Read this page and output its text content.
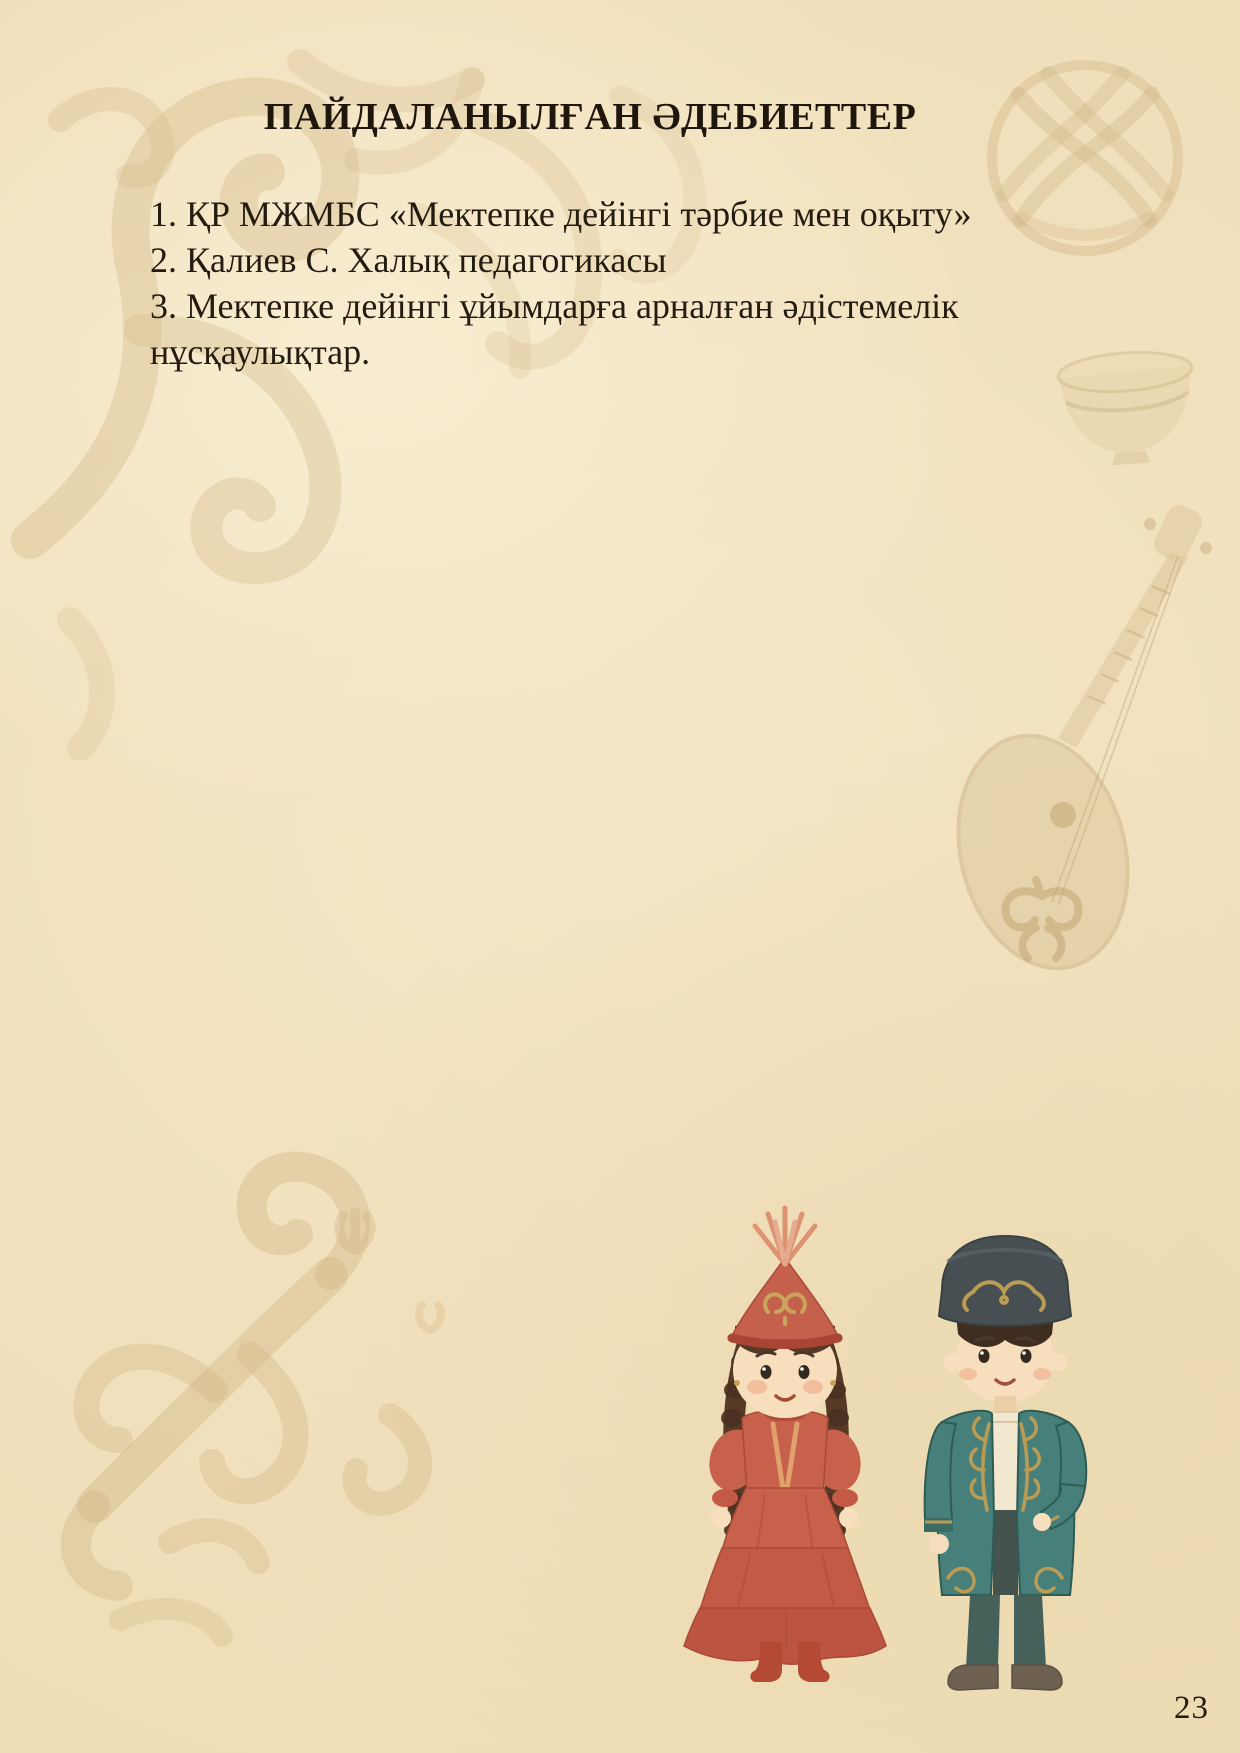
ПАЙДАЛАНЫЛҒАН ӘДЕБИЕТТЕР
1. ҚР МЖМБС «Мектепке дейінгі тәрбие мен оқыту»
2. Қалиев С. Халық педагогикасы
3. Мектепке дейінгі ұйымдарға арналған әдістемелік нұсқаулықтар.
23
